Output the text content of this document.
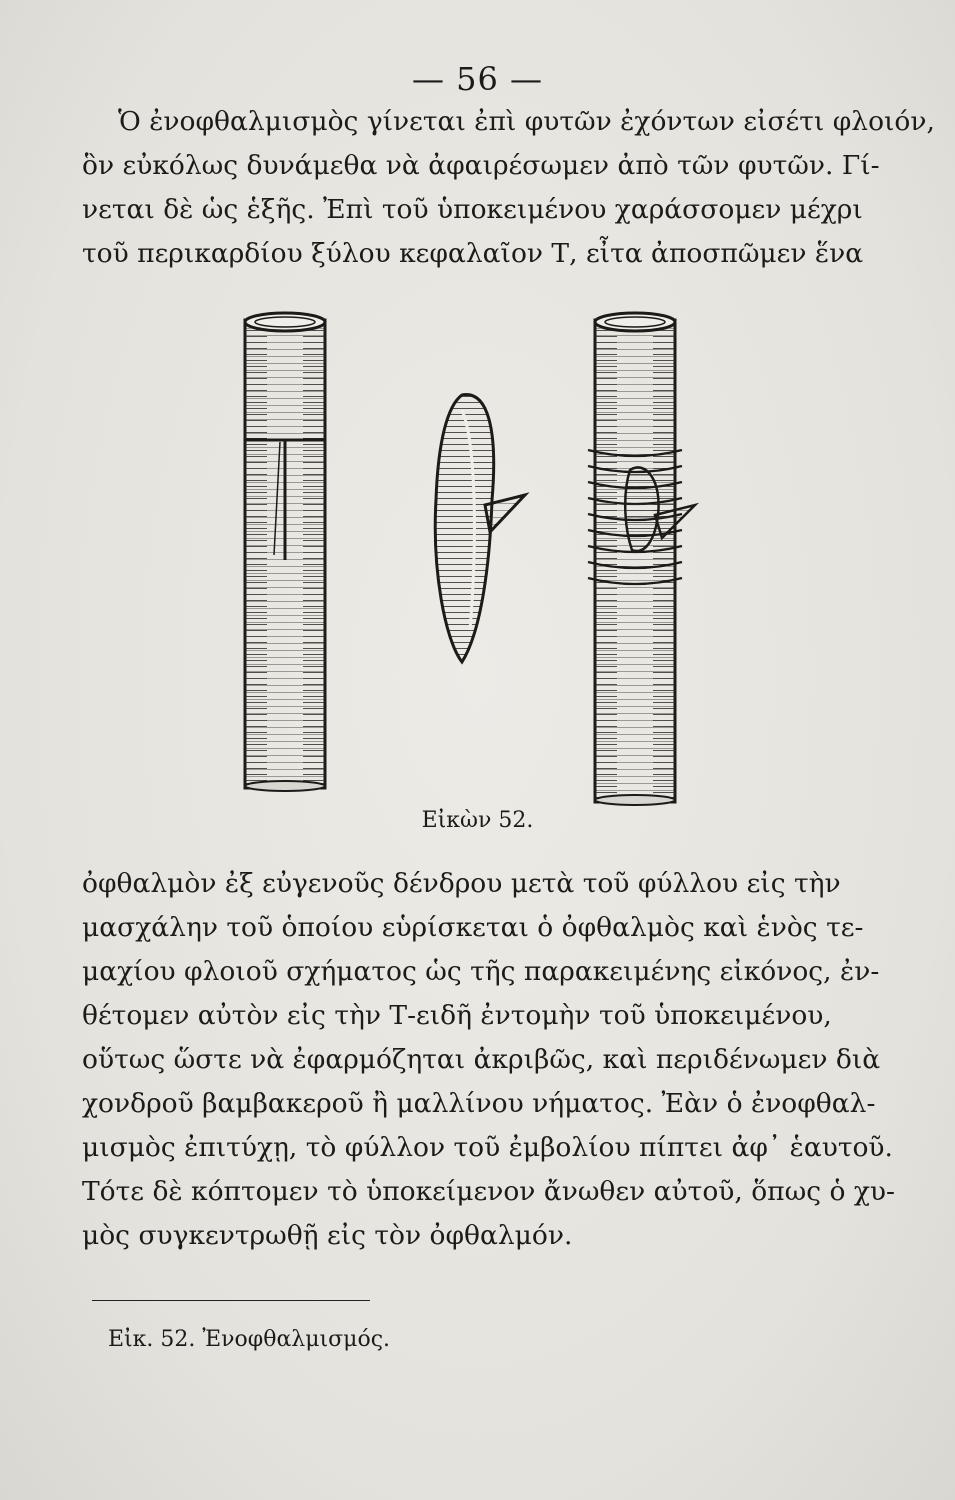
— 56 —
Ὁ ἐνοφθαλμισμὸς γίνεται ἐπὶ φυτῶν ἐχόντων εἰσέτι φλοιόν,
ὃν εὐκόλως δυνάμεθα νὰ ἀφαιρέσωμεν ἀπὸ τῶν φυτῶν. Γί-
νεται δὲ ὡς ἑξῆς. Ἐπὶ τοῦ ὑποκειμένου χαράσσομεν μέχρι
τοῦ περικαρδίου ξύλου κεφαλαῖον Τ, εἶτα ἀποσπῶμεν ἕνα
Εἰκὼν 52.
ὀφθαλμὸν ἐξ εὐγενοῦς δένδρου μετὰ τοῦ φύλλου εἰς τὴν
μασχάλην τοῦ ὁποίου εὑρίσκεται ὁ ὀφθαλμὸς καὶ ἑνὸς τε-
μαχίου φλοιοῦ σχήματος ὡς τῆς παρακειμένης εἰκόνος, ἐν-
θέτομεν αὐτὸν εἰς τὴν Τ-ειδῆ ἐντομὴν τοῦ ὑποκειμένου,
οὕτως ὥστε νὰ ἐφαρμόζηται ἀκριβῶς, καὶ περιδένωμεν διὰ
χονδροῦ βαμβακεροῦ ἢ μαλλίνου νήματος. Ἐὰν ὁ ἐνοφθαλ-
μισμὸς ἐπιτύχῃ, τὸ φύλλον τοῦ ἐμβολίου πίπτει ἀφ᾽ ἑαυτοῦ.
Τότε δὲ κόπτομεν τὸ ὑποκείμενον ἄνωθεν αὐτοῦ, ὅπως ὁ χυ-
μὸς συγκεντρωθῇ εἰς τὸν ὀφθαλμόν.
Εἰκ. 52. Ἐνοφθαλμισμός.
